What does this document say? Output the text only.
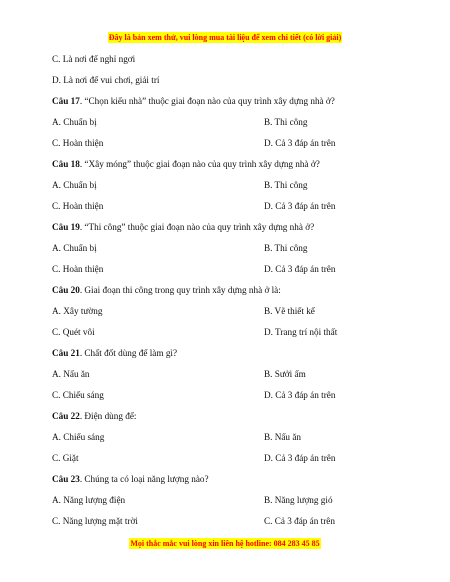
Đây là bản xem thử, vui lòng mua tài liệu để xem chi tiết (có lời giải)
C. Là nơi để nghỉ ngơi
D. Là nơi để vui chơi, giải trí
Câu 17. “Chọn kiểu nhà” thuộc giai đoạn nào của quy trình xây dựng nhà ở?
A. Chuẩn bị	B. Thi công
C. Hoàn thiện	D. Cả 3 đáp án trên
Câu 18. “Xây móng” thuộc giai đoạn nào của quy trình xây dựng nhà ở?
A. Chuẩn bị	B. Thi công
C. Hoàn thiện	D. Cả 3 đáp án trên
Câu 19. “Thi công” thuộc giai đoạn nào của quy trình xây dựng nhà ở?
A. Chuẩn bị	B. Thi công
C. Hoàn thiện	D. Cả 3 đáp án trên
Câu 20. Giai đoạn thi công trong quy trình xây dựng nhà ở là:
A. Xây tường	B. Vẽ thiết kế
C. Quét vôi	D. Trang trí nội thất
Câu 21. Chất đốt dùng để làm gì?
A. Nấu ăn	B. Sưởi ấm
C. Chiếu sáng	D. Cả 3 đáp án trên
Câu 22. Điện dùng để:
A. Chiếu sáng	B. Nấu ăn
C. Giặt	D. Cả 3 đáp án trên
Câu 23. Chúng ta có loại năng lượng nào?
A. Năng lượng điện	B. Năng lượng gió
C. Năng lượng mặt trời	C. Cả 3 đáp án trên
Mọi thắc mắc vui lòng xin liên hệ hotline: 084 283 45 85
